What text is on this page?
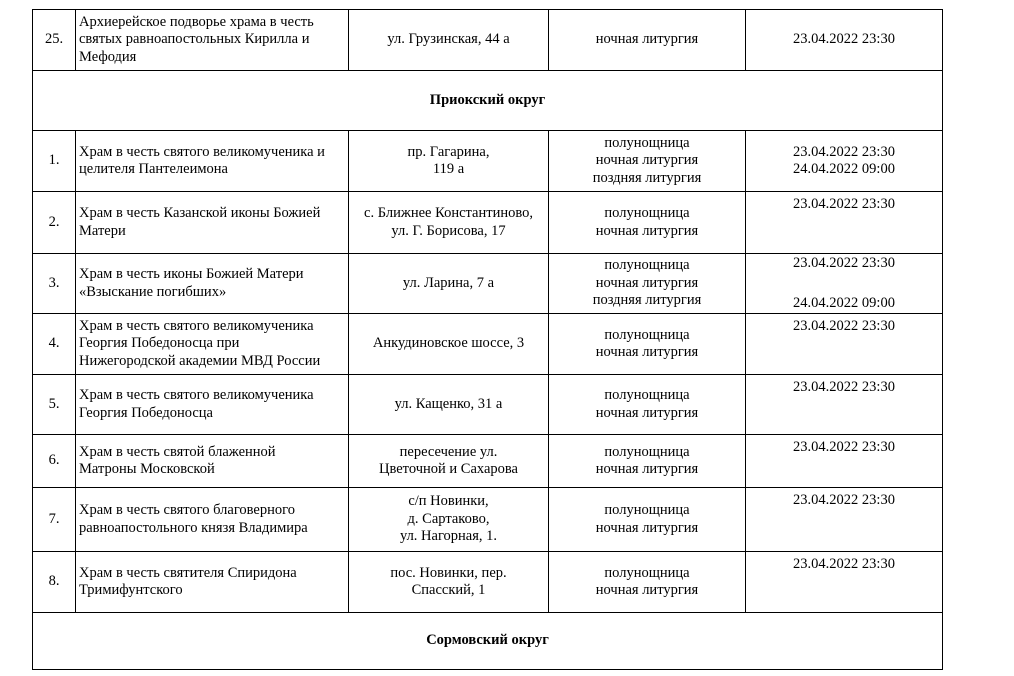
25.	Архиерейское подворье храма в честь
святых равноапостольных Кирилла и
Мефодия	ул. Грузинская, 44 а	ночная литургия	23.04.2022 23:30

Приокский округ				
1.	Храм в честь святого великомученика и
целителя Пантелеимона	пр. Гагарина,
119 а	полунощница
ночная литургия
поздняя литургия	23.04.2022 23:30
24.04.2022 09:00

2.	Храм в честь Казанской иконы Божией
Матери	с. Ближнее Константиново,
ул. Г. Борисова, 17	полунощница
ночная литургия	23.04.2022 23:30

3.	Храм в честь иконы Божией Матери
«Взыскание погибших»	ул. Ларина, 7 а	полунощница
ночная литургия
поздняя литургия	23.04.2022 23:30
24.04.2022 09:00

4.	Храм в честь святого великомученика
Георгия Победоносца при
Нижегородской академии МВД России	Анкудиновское шоссе, 3	полунощница
ночная литургия	23.04.2022 23:30

5.	Храм в честь святого великомученика
Георгия Победоносца	ул. Кащенко, 31 а	полунощница
ночная литургия	23.04.2022 23:30

6.	Храм в честь святой блаженной
Матроны Московской	пересечение ул.
Цветочной и Сахарова	полунощница
ночная литургия	23.04.2022 23:30

7.	Храм в честь святого благоверного
равноапостольного князя Владимира	с/п Новинки,
д. Сартаково,
ул. Нагорная, 1.	полунощница
ночная литургия	23.04.2022 23:30

8.	Храм в честь святителя Спиридона
Тримифунтского	пос. Новинки, пер.
Спасский, 1	полунощница
ночная литургия	23.04.2022 23:30

Сормовский округ				
